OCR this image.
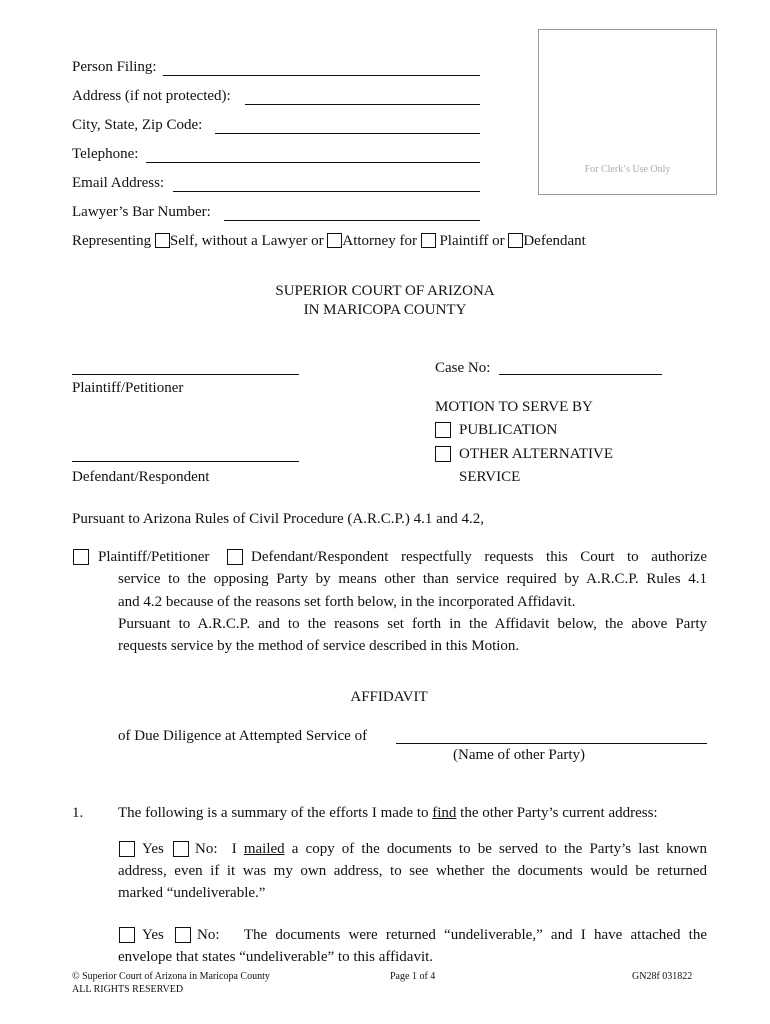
For Clerk’s Use Only
Person Filing:
Address (if not protected):
City, State, Zip Code:
Telephone:
Email Address:
Lawyer’s Bar Number:
Representing Self, without a Lawyer or Attorney for Plaintiff or Defendant
SUPERIOR COURT OF ARIZONA
IN MARICOPA COUNTY
Plaintiff/Petitioner
Defendant/Respondent
Case No:
MOTION TO SERVE BY
PUBLICATION
OTHER ALTERNATIVE
SERVICE
Pursuant to Arizona Rules of Civil Procedure (A.R.C.P.) 4.1 and 4.2,
Plaintiff/Petitioner	Defendant/Respondent respectfully requests this Court to authorize
service to the opposing Party by means other than service required by A.R.C.P. Rules 4.1
and 4.2 because of the reasons set forth below, in the incorporated Affidavit.
Pursuant to A.R.C.P. and to the reasons set forth in the Affidavit below, the above Party
requests service by the method of service described in this Motion.
AFFIDAVIT
of Due Diligence at Attempted Service of
(Name of other Party)
1. The following is a summary of the efforts I made to find the other Party’s current address:
Yes No: I mailed a copy of the documents to be served to the Party’s last known
address, even if it was my own address, to see whether the documents would be returned
marked “undeliverable.”
Yes No: The documents were returned “undeliverable,” and I have attached the
envelope that states “undeliverable” to this affidavit.
© Superior Court of Arizona in Maricopa County
ALL RIGHTS RESERVED
Page 1 of 4	GN28f 031822
